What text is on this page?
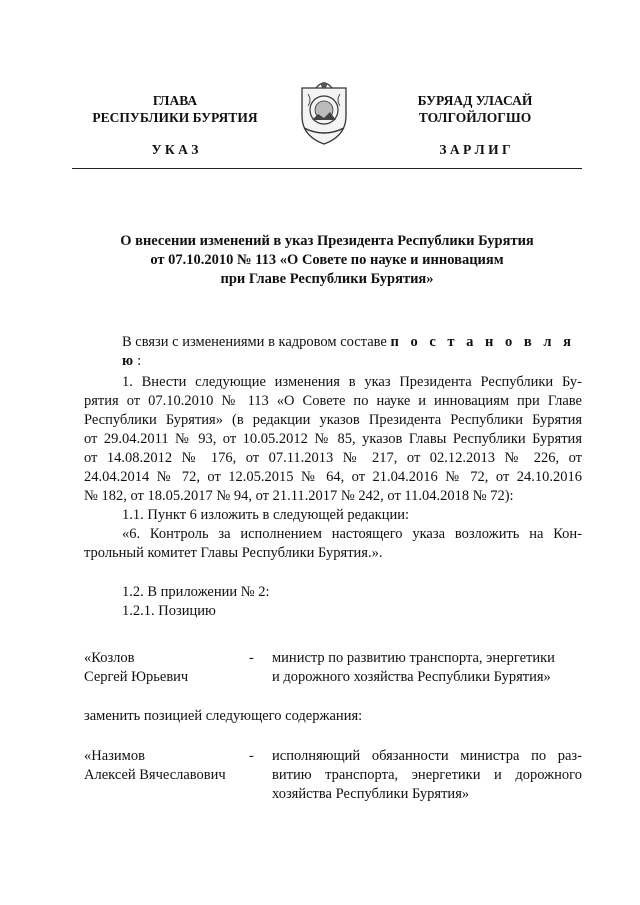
ГЛАВА
РЕСПУБЛИКИ БУРЯТИЯ
У К А З
БУРЯАД УЛАСАЙ
ТОЛГОЙЛОГШО
З А Р Л И Г
О внесении изменений в указ Президента Республики Бурятия
от 07.10.2010 № 113 «О Совете по науке и инновациям
при Главе Республики Бурятия»
В связи с изменениями в кадровом составе п о с т а н о в л я ю:
1. Внести следующие изменения в указ Президента Республики Бу-
рятия от 07.10.2010 № 113 «О Совете по науке и инновациям при Главе
Республики Бурятия» (в редакции указов Президента Республики Бурятия
от 29.04.2011 № 93, от 10.05.2012 № 85, указов Главы Республики Бурятия
от 14.08.2012 № 176, от 07.11.2013 № 217, от 02.12.2013 № 226, от
24.04.2014 № 72, от 12.05.2015 № 64, от 21.04.2016 № 72, от 24.10.2016
№ 182, от 18.05.2017 № 94, от 21.11.2017 № 242, от 11.04.2018 № 72):
1.1. Пункт 6 изложить в следующей редакции:
«6. Контроль за исполнением настоящего указа возложить на Кон-
трольный комитет Главы Республики Бурятия.».
1.2. В приложении № 2:
1.2.1. Позицию
«Козлов
Сергей Юрьевич
-	министр по развитию транспорта, энергетики
и дорожного хозяйства Республики Бурятия»
заменить позицией следующего содержания:
«Назимов
Алексей Вячеславович
-	исполняющий обязанности министра по раз-
витию транспорта, энергетики и дорожного
хозяйства Республики Бурятия»
